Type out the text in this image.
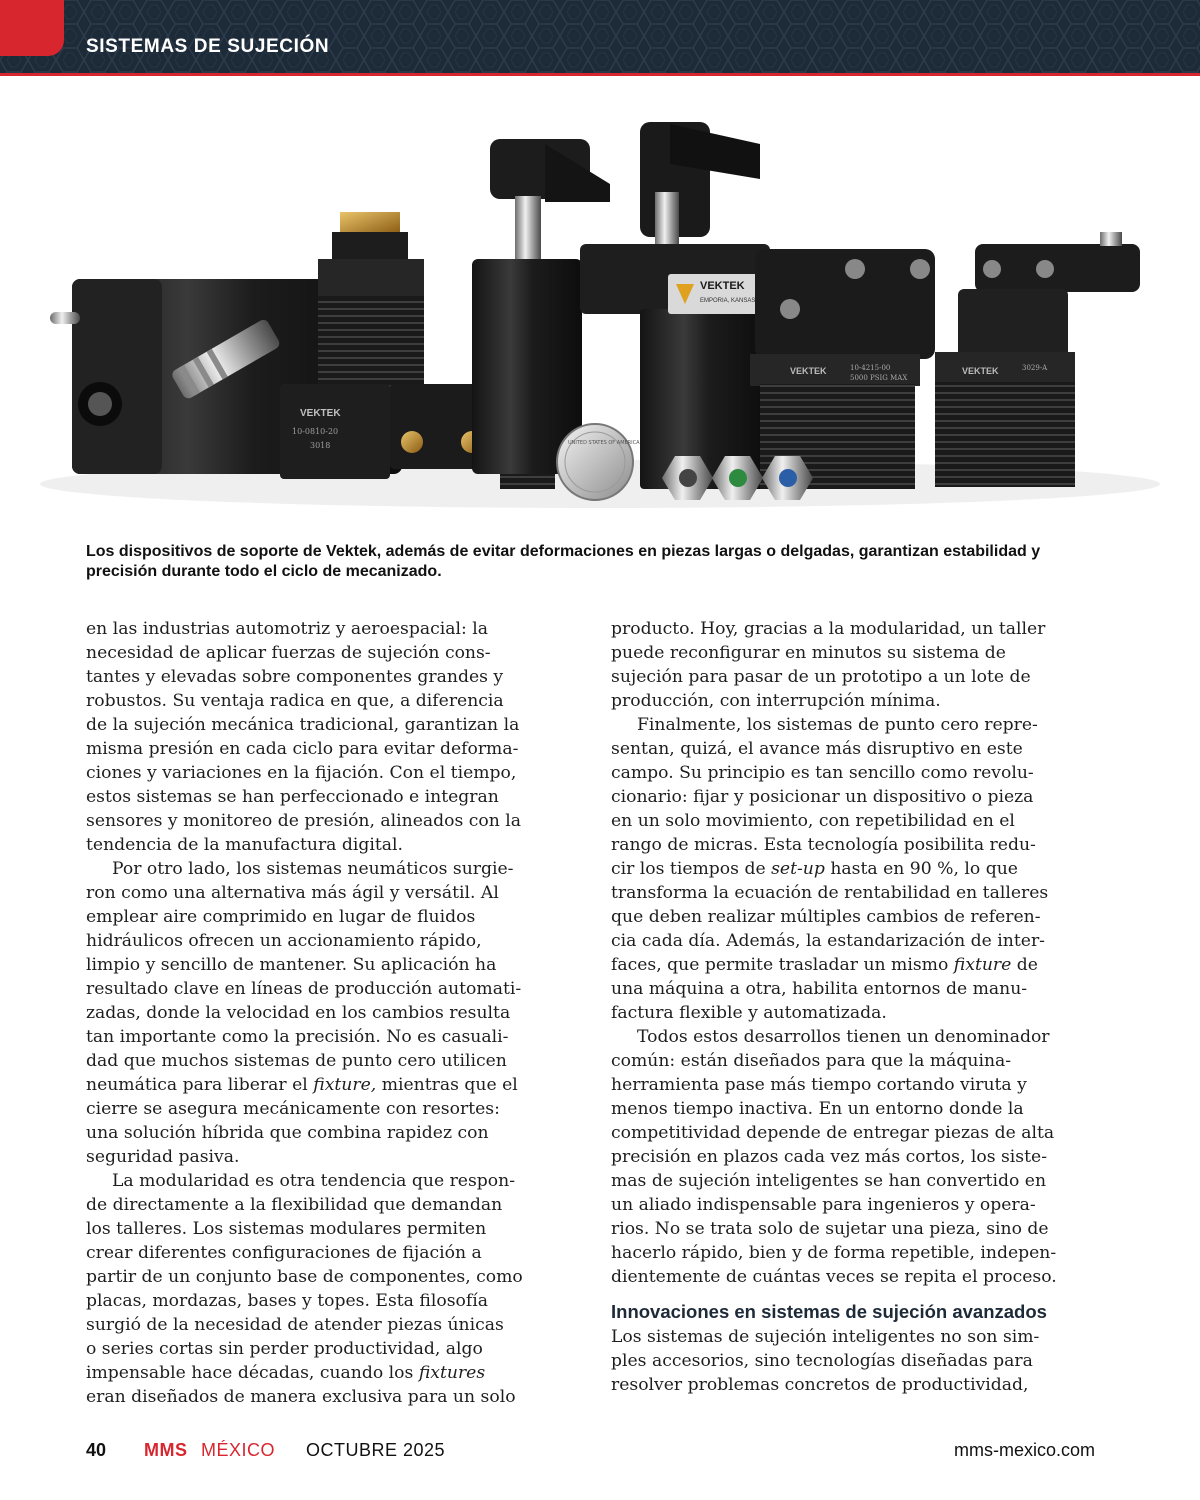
SISTEMAS DE SUJECIÓN
VEKTEK
10-0810-20
3018
VEKTEK
EMPORIA, KANSAS
VEKTEK	10-4215-00
5000 PSIG MAX
VEKTEK	3029-A
UNITED STATES OF AMERICA
Los dispositivos de soporte de Vektek, además de evitar deformaciones en piezas largas o delgadas, garantizan estabilidad y precisión durante todo el ciclo de mecanizado.
en las industrias automotriz y aeroespacial: la
necesidad de aplicar fuerzas de sujeción cons-
tantes y elevadas sobre componentes grandes y
robustos. Su ventaja radica en que, a diferencia
de la sujeción mecánica tradicional, garantizan la
misma presión en cada ciclo para evitar deforma-
ciones y variaciones en la fijación. Con el tiempo,
estos sistemas se han perfeccionado e integran
sensores y monitoreo de presión, alineados con la
tendencia de la manufactura digital.
Por otro lado, los sistemas neumáticos surgie-
ron como una alternativa más ágil y versátil. Al
emplear aire comprimido en lugar de fluidos
hidráulicos ofrecen un accionamiento rápido,
limpio y sencillo de mantener. Su aplicación ha
resultado clave en líneas de producción automati-
zadas, donde la velocidad en los cambios resulta
tan importante como la precisión. No es casuali-
dad que muchos sistemas de punto cero utilicen
neumática para liberar el fixture, mientras que el
cierre se asegura mecánicamente con resortes:
una solución híbrida que combina rapidez con
seguridad pasiva.
La modularidad es otra tendencia que respon-
de directamente a la flexibilidad que demandan
los talleres. Los sistemas modulares permiten
crear diferentes configuraciones de fijación a
partir de un conjunto base de componentes, como
placas, mordazas, bases y topes. Esta filosofía
surgió de la necesidad de atender piezas únicas
o series cortas sin perder productividad, algo
impensable hace décadas, cuando los fixtures
eran diseñados de manera exclusiva para un solo
producto. Hoy, gracias a la modularidad, un taller
puede reconfigurar en minutos su sistema de
sujeción para pasar de un prototipo a un lote de
producción, con interrupción mínima.
Finalmente, los sistemas de punto cero repre-
sentan, quizá, el avance más disruptivo en este
campo. Su principio es tan sencillo como revolu-
cionario: fijar y posicionar un dispositivo o pieza
en un solo movimiento, con repetibilidad en el
rango de micras. Esta tecnología posibilita redu-
cir los tiempos de set-up hasta en 90 %, lo que
transforma la ecuación de rentabilidad en talleres
que deben realizar múltiples cambios de referen-
cia cada día. Además, la estandarización de inter-
faces, que permite trasladar un mismo fixture de
una máquina a otra, habilita entornos de manu-
factura flexible y automatizada.
Todos estos desarrollos tienen un denominador
común: están diseñados para que la máquina-
herramienta pase más tiempo cortando viruta y
menos tiempo inactiva. En un entorno donde la
competitividad depende de entregar piezas de alta
precisión en plazos cada vez más cortos, los siste-
mas de sujeción inteligentes se han convertido en
un aliado indispensable para ingenieros y opera-
rios. No se trata solo de sujetar una pieza, sino de
hacerlo rápido, bien y de forma repetible, indepen-
dientemente de cuántas veces se repita el proceso.
Innovaciones en sistemas de sujeción avanzados
Los sistemas de sujeción inteligentes no son sim-
ples accesorios, sino tecnologías diseñadas para
resolver problemas concretos de productividad,
40 MMS MÉXICO OCTUBRE 2025	mms-mexico.com
